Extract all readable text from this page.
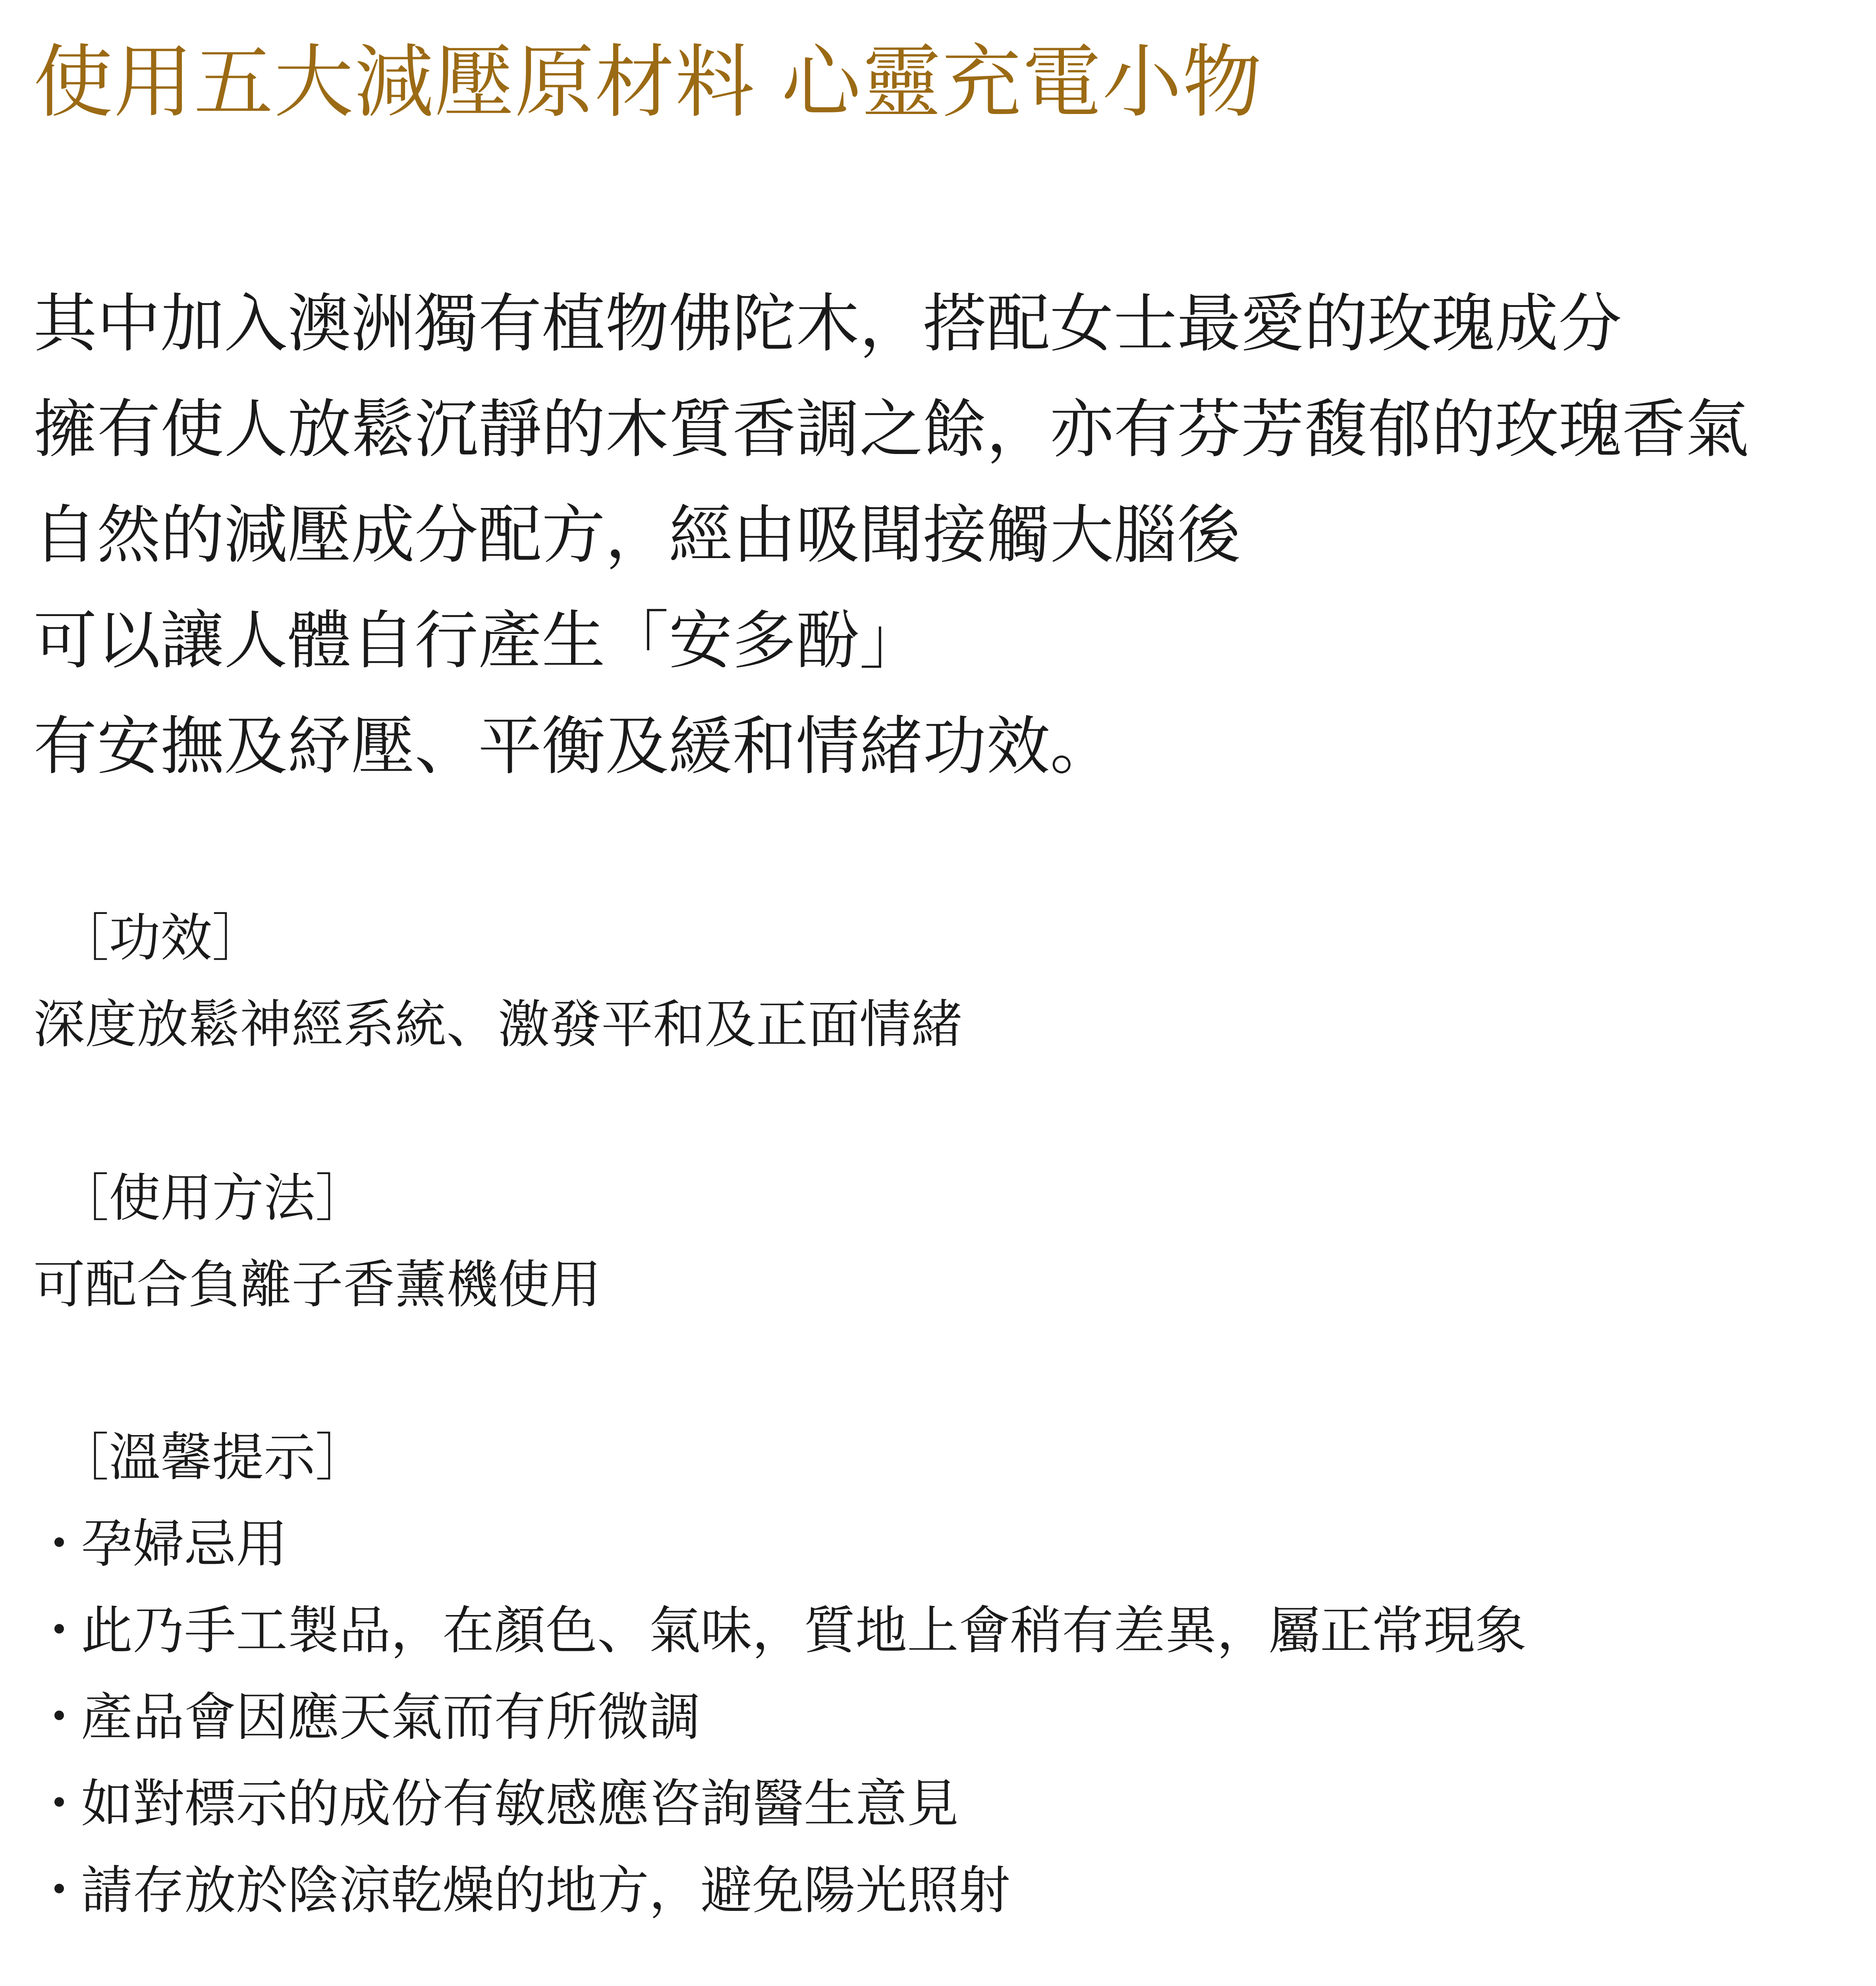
使用五大減壓原材料 心靈充電小物
其中加入澳洲獨有植物佛陀木，搭配女士最愛的玫瑰成分
擁有使人放鬆沉靜的木質香調之餘，亦有芬芳馥郁的玫瑰香氣
自然的減壓成分配方，經由吸聞接觸大腦後
可以讓人體自行產生「安多酚」
有安撫及紓壓、平衡及緩和情緒功效。
［功效］
深度放鬆神經系統、激發平和及正面情緒
［使用方法］
可配合負離子香薰機使用
［溫馨提示］
・
孕婦忌用
・
此乃手工製品，在顏色、氣味，質地上會稍有差異，屬正常現象
・
產品會因應天氣而有所微調
・
如對標示的成份有敏感應咨詢醫生意見
・
請存放於陰涼乾燥的地方，避免陽光照射
